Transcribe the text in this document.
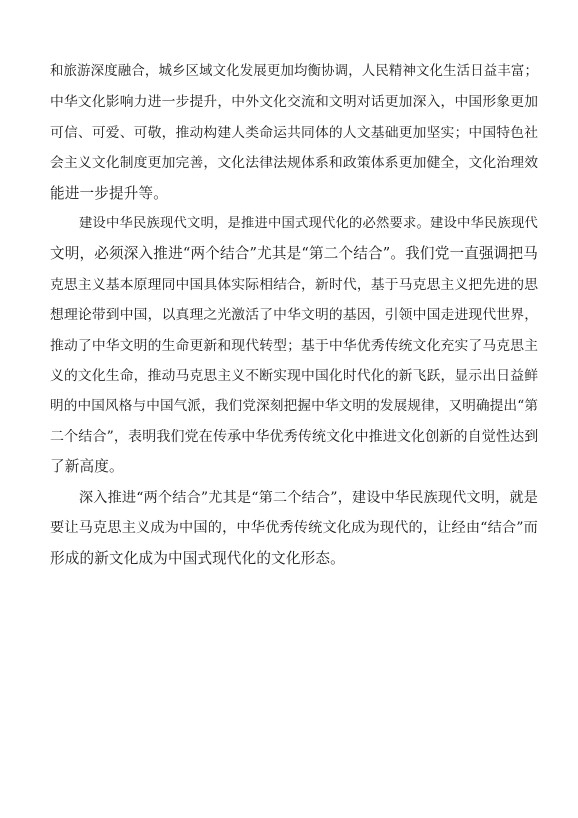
和旅游深度融合，城乡区域文化发展更加均衡协调，人民精神文化生活日益丰富；
中华文化影响力进一步提升，中外文化交流和文明对话更加深入，中国形象更加
可信、可爱、可敬，推动构建人类命运共同体的人文基础更加坚实；中国特色社
会主义文化制度更加完善，文化法律法规体系和政策体系更加健全，文化治理效
能进一步提升等。
建设中华民族现代文明，是推进中国式现代化的必然要求。建设中华民族现代
文明，必须深入推进“两个结合”尤其是“第二个结合”。我们党一直强调把马
克思主义基本原理同中国具体实际相结合，新时代，基于马克思主义把先进的思
想理论带到中国，以真理之光激活了中华文明的基因，引领中国走进现代世界，
推动了中华文明的生命更新和现代转型；基于中华优秀传统文化充实了马克思主
义的文化生命，推动马克思主义不断实现中国化时代化的新飞跃，显示出日益鲜
明的中国风格与中国气派，我们党深刻把握中华文明的发展规律，又明确提出“第
二个结合”，表明我们党在传承中华优秀传统文化中推进文化创新的自觉性达到
了新高度。
深入推进“两个结合”尤其是“第二个结合”，建设中华民族现代文明，就是
要让马克思主义成为中国的，中华优秀传统文化成为现代的，让经由“结合”而
形成的新文化成为中国式现代化的文化形态。
